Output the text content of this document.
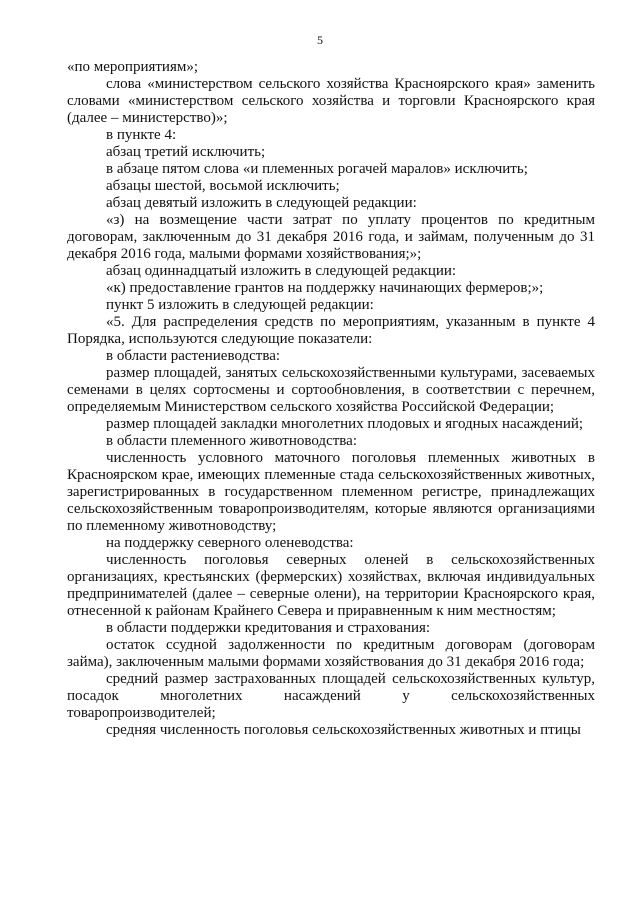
5

«по мероприятиям»;

слова «министерством сельского хозяйства Красноярского края» заменить словами «министерством сельского хозяйства и торговли Красноярского края (далее – министерство)»;

в пункте 4:

абзац третий исключить;

в абзаце пятом слова «и племенных рогачей маралов» исключить;

абзацы шестой, восьмой исключить;

абзац девятый изложить в следующей редакции:

«з) на возмещение части затрат по уплату процентов по кредитным договорам, заключенным до 31 декабря 2016 года, и займам, полученным до 31 декабря 2016 года, малыми формами хозяйствования;»;

абзац одиннадцатый изложить в следующей редакции:

«к) предоставление грантов на поддержку начинающих фермеров;»;

пункт 5 изложить в следующей редакции:

«5. Для распределения средств по мероприятиям, указанным в пункте 4 Порядка, используются следующие показатели:

в области растениеводства:

размер площадей, занятых сельскохозяйственными культурами, засеваемых семенами в целях сортосмены и сортообновления, в соответствии с перечнем, определяемым Министерством сельского хозяйства Российской Федерации;

размер площадей закладки многолетних плодовых и ягодных насаждений;

в области племенного животноводства:

численность условного маточного поголовья племенных животных в Красноярском крае, имеющих племенные стада сельскохозяйственных животных, зарегистрированных в государственном племенном регистре, принадлежащих сельскохозяйственным товаропроизводителям, которые являются организациями по племенному животноводству;

на поддержку северного оленеводства:

численность поголовья северных оленей в сельскохозяйственных организациях, крестьянских (фермерских) хозяйствах, включая индивидуальных предпринимателей (далее – северные олени), на территории Красноярского края, отнесенной к районам Крайнего Севера и приравненным к ним местностям;

в области поддержки кредитования и страхования:

остаток ссудной задолженности по кредитным договорам (договорам займа), заключенным малыми формами хозяйствования до 31 декабря 2016 года;

средний размер застрахованных площадей сельскохозяйственных культур, посадок многолетних насаждений у сельскохозяйственных товаропроизводителей;

средняя численность поголовья сельскохозяйственных животных и птицы
